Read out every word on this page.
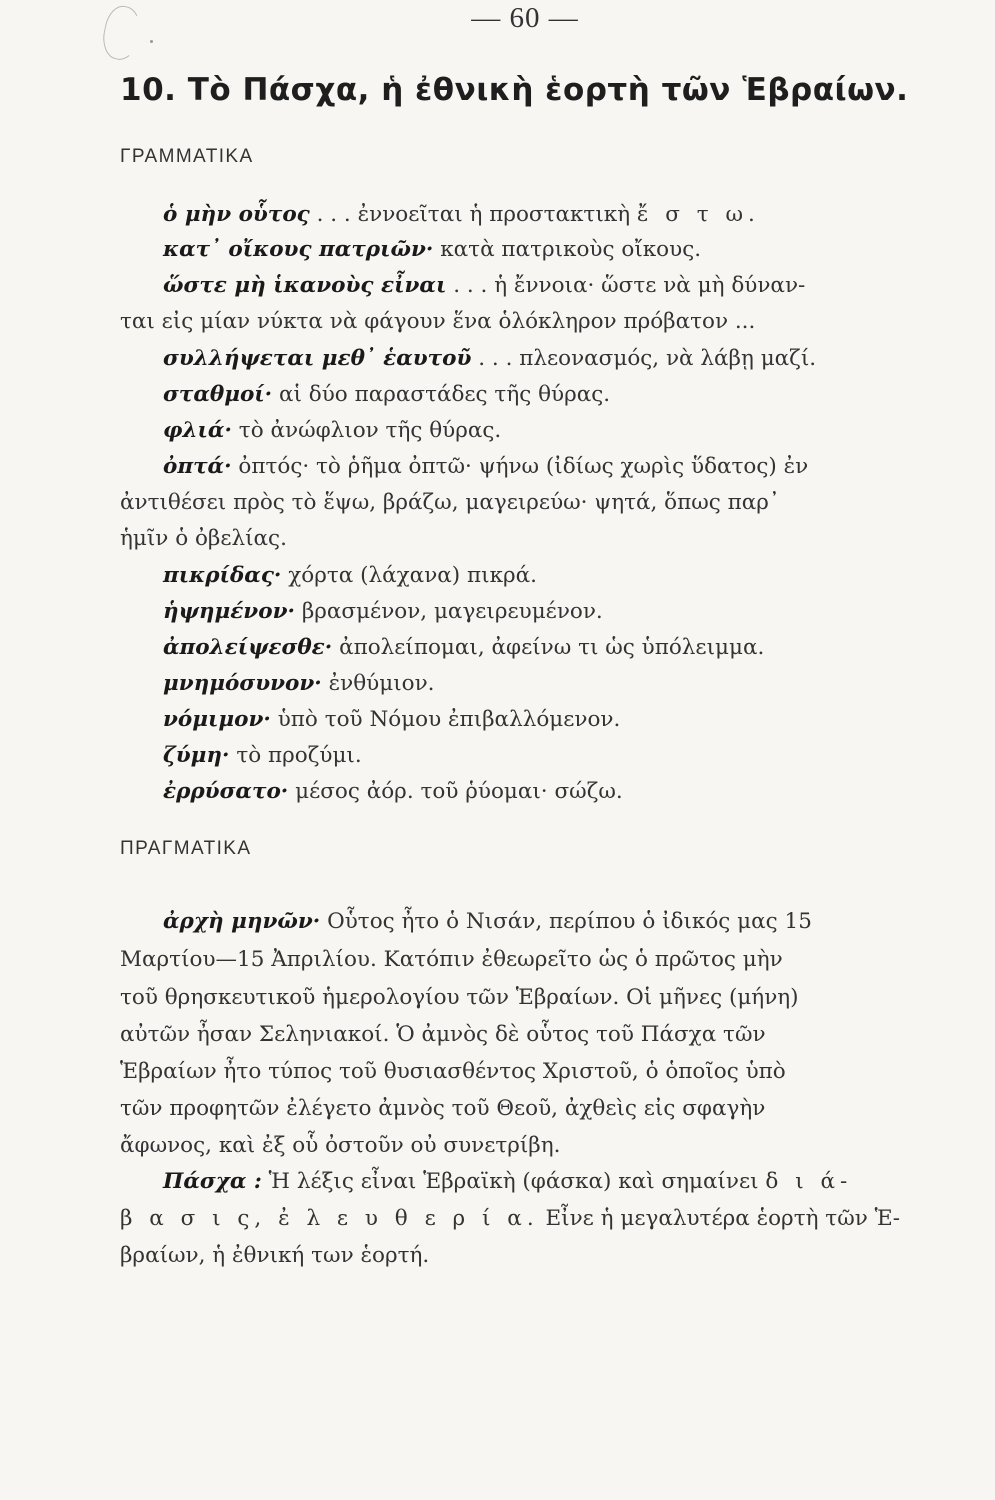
— 60 —
10. Τὸ Πάσχα, ἡ ἐθνικὴ ἑορτὴ τῶν Ἑβραίων.
ΓΡΑΜΜΑΤΙΚΑ
ὁ μὴν οὗτος . . . ἐννοεῖται ἡ προστακτικὴ ἔ σ τ ω.
κατ᾿ οἴκους πατριῶν· κατὰ πατρικοὺς οἴκους.
ὥστε μὴ ἱκανοὺς εἶναι . . . ἡ ἔννοια· ὥστε νὰ μὴ δύναν-
ται εἰς μίαν νύκτα νὰ φάγουν ἕνα ὁλόκληρον πρόβατον ...
συλλήψεται μεθ᾿ ἑαυτοῦ . . . πλεονασμός, νὰ λάβῃ μαζί.
σταθμοί· αἱ δύο παραστάδες τῆς θύρας.
φλιά· τὸ ἀνώφλιον τῆς θύρας.
ὀπτά· ὀπτός· τὸ ῥῆμα ὀπτῶ· ψήνω (ἰδίως χωρὶς ὕδατος) ἐν
ἀντιθέσει πρὸς τὸ ἕψω, βράζω, μαγειρεύω· ψητά, ὅπως παρ᾿
ἡμῖν ὁ ὀβελίας.
πικρίδας· χόρτα (λάχανα) πικρά.
ἡψημένον· βρασμένον, μαγειρευμένον.
ἀπολείψεσθε· ἀπολείπομαι, ἀφείνω τι ὡς ὑπόλειμμα.
μνημόσυνον· ἐνθύμιον.
νόμιμον· ὑπὸ τοῦ Νόμου ἐπιβαλλόμενον.
ζύμη· τὸ προζύμι.
ἐρρύσατο· μέσος ἀόρ. τοῦ ῥύομαι· σώζω.
ΠΡΑΓΜΑΤΙΚΑ
ἀρχὴ μηνῶν· Οὗτος ἦτο ὁ Νισάν, περίπου ὁ ἰδικός μας 15
Μαρτίου—15 Ἀπριλίου. Κατόπιν ἐθεωρεῖτο ὡς ὁ πρῶτος μὴν
τοῦ θρησκευτικοῦ ἡμερολογίου τῶν Ἑβραίων. Οἱ μῆνες (μήνη)
αὐτῶν ἦσαν Σεληνιακοί. Ὁ ἀμνὸς δὲ οὗτος τοῦ Πάσχα τῶν
Ἑβραίων ἦτο τύπος τοῦ θυσιασθέντος Χριστοῦ, ὁ ὁποῖος ὑπὸ
τῶν προφητῶν ἐλέγετο ἀμνὸς τοῦ Θεοῦ, ἀχθεὶς εἰς σφαγὴν
ἄφωνος, καὶ ἐξ οὗ ὀστοῦν οὐ συνετρίβη.
Πάσχα : Ἡ λέξις εἶναι Ἑβραϊκὴ (φάσκα) καὶ σημαίνει δ ι ά-
β α σ ι ς, ἐ λ ε υ θ ε ρ ί α. Εἶνε ἡ μεγαλυτέρα ἑορτὴ τῶν Ἑ-
βραίων, ἡ ἐθνική των ἑορτή.
